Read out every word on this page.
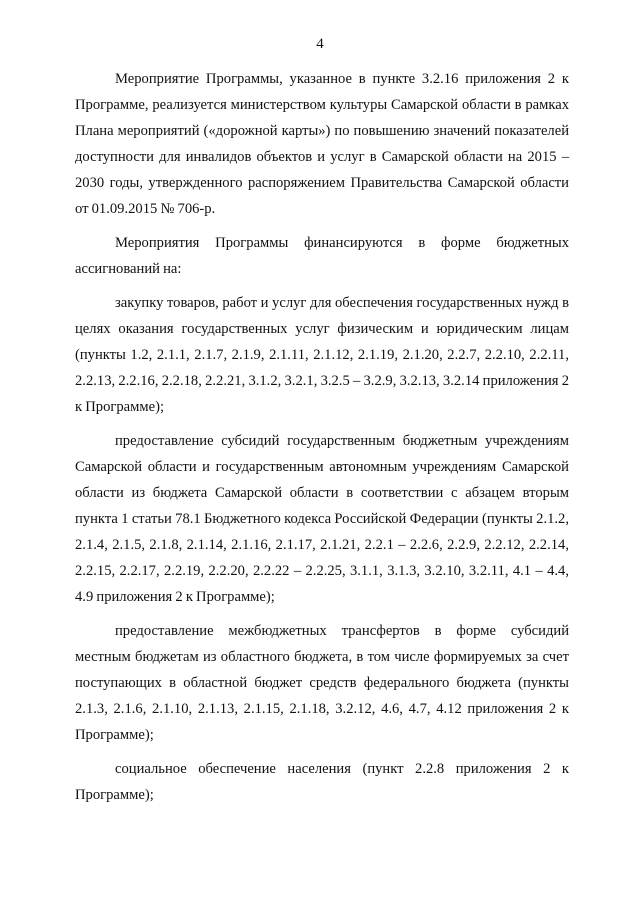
4

Мероприятие Программы, указанное в пункте 3.2.16 приложения 2 к Программе, реализуется министерством культуры Самарской области в рамках Плана мероприятий («дорожной карты») по повышению значений показателей доступности для инвалидов объектов и услуг в Самарской области на 2015 – 2030 годы, утвержденного распоряжением Правительства Самарской области от 01.09.2015 № 706-р.

Мероприятия Программы финансируются в форме бюджетных ассигнований на:

закупку товаров, работ и услуг для обеспечения государственных нужд в целях оказания государственных услуг физическим и юридическим лицам (пункты 1.2, 2.1.1, 2.1.7, 2.1.9, 2.1.11, 2.1.12, 2.1.19, 2.1.20, 2.2.7, 2.2.10, 2.2.11, 2.2.13, 2.2.16, 2.2.18, 2.2.21, 3.1.2, 3.2.1, 3.2.5 – 3.2.9, 3.2.13, 3.2.14 приложения 2 к Программе);

предоставление субсидий государственным бюджетным учреждениям Самарской области и государственным автономным учреждениям Самарской области из бюджета Самарской области в соответствии с абзацем вторым пункта 1 статьи 78.1 Бюджетного кодекса Российской Федерации (пункты 2.1.2, 2.1.4, 2.1.5, 2.1.8, 2.1.14, 2.1.16, 2.1.17, 2.1.21, 2.2.1 – 2.2.6, 2.2.9, 2.2.12, 2.2.14, 2.2.15, 2.2.17, 2.2.19, 2.2.20, 2.2.22 – 2.2.25, 3.1.1, 3.1.3, 3.2.10, 3.2.11, 4.1 – 4.4, 4.9 приложения 2 к Программе);

предоставление межбюджетных трансфертов в форме субсидий местным бюджетам из областного бюджета, в том числе формируемых за счет поступающих в областной бюджет средств федерального бюджета (пункты 2.1.3, 2.1.6, 2.1.10, 2.1.13, 2.1.15, 2.1.18, 3.2.12, 4.6, 4.7, 4.12 приложения 2 к Программе);

социальное обеспечение населения (пункт 2.2.8 приложения 2 к Программе);
